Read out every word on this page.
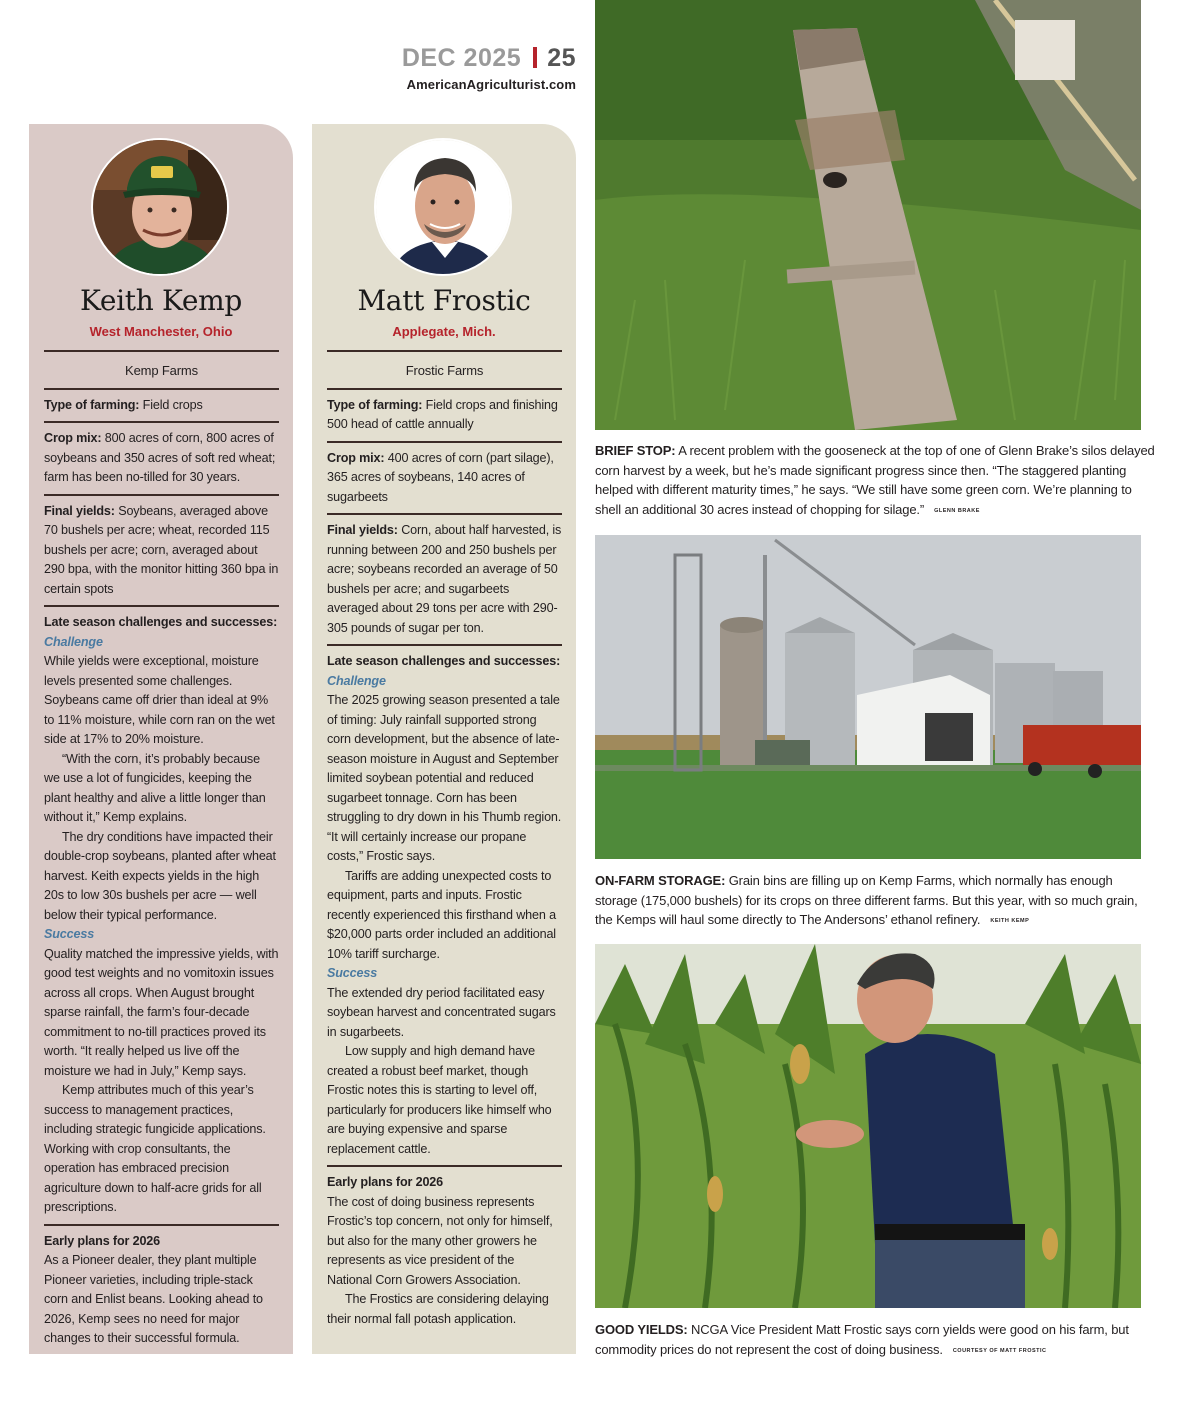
DEC 2025 25
AmericanAgriculturist.com
Keith Kemp
West Manchester, Ohio
Kemp Farms
Type of farming: Field crops
Crop mix: 800 acres of corn, 800 acres of soybeans and 350 acres of soft red wheat; farm has been no-tilled for 30 years.
Final yields: Soybeans, averaged above 70 bushels per acre; wheat, recorded 115 bushels per acre; corn, averaged about 290 bpa, with the monitor hitting 360 bpa in certain spots
Late season challenges and successes:
Challenge
While yields were exceptional, moisture levels presented some challenges. Soybeans came off drier than ideal at 9% to 11% moisture, while corn ran on the wet side at 17% to 20% moisture.
“With the corn, it’s probably because we use a lot of fungicides, keeping the plant healthy and alive a little longer than without it,” Kemp explains.
The dry conditions have impacted their double-crop soybeans, planted after wheat harvest. Keith expects yields in the high 20s to low 30s bushels per acre — well below their typical performance.
Success
Quality matched the impressive yields, with good test weights and no vomitoxin issues across all crops. When August brought sparse rainfall, the farm’s four-decade commitment to no-till practices proved its worth. “It really helped us live off the moisture we had in July,” Kemp says.
Kemp attributes much of this year’s success to management practices, including strategic fungicide applications. Working with crop consultants, the operation has embraced precision agriculture down to half-acre grids for all prescriptions.
Early plans for 2026
As a Pioneer dealer, they plant multiple Pioneer varieties, including triple-stack corn and Enlist beans. Looking ahead to 2026, Kemp sees no need for major changes to their successful formula.
Matt Frostic
Applegate, Mich.
Frostic Farms
Type of farming: Field crops and finishing 500 head of cattle annually
Crop mix: 400 acres of corn (part silage), 365 acres of soybeans, 140 acres of sugarbeets
Final yields: Corn, about half harvested, is running between 200 and 250 bushels per acre; soybeans recorded an average of 50 bushels per acre; and sugarbeets averaged about 29 tons per acre with 290-305 pounds of sugar per ton.
Late season challenges and successes:
Challenge
The 2025 growing season presented a tale of timing: July rainfall supported strong corn development, but the absence of late-season moisture in August and September limited soybean potential and reduced sugarbeet tonnage. Corn has been struggling to dry down in his Thumb region. “It will certainly increase our propane costs,” Frostic says.
Tariffs are adding unexpected costs to equipment, parts and inputs. Frostic recently experienced this firsthand when a $20,000 parts order included an additional 10% tariff surcharge.
Success
The extended dry period facilitated easy soybean harvest and concentrated sugars in sugarbeets.
Low supply and high demand have created a robust beef market, though Frostic notes this is starting to level off, particularly for producers like himself who are buying expensive and sparse replacement cattle.
Early plans for 2026
The cost of doing business represents Frostic’s top concern, not only for himself, but also for the many other growers he represents as vice president of the National Corn Growers Association.
The Frostics are considering delaying their normal fall potash application.
BRIEF STOP: A recent problem with the gooseneck at the top of one of Glenn Brake’s silos delayed corn harvest by a week, but he’s made significant progress since then. “The staggered planting helped with different maturity times,” he says. “We still have some green corn. We’re planning to shell an additional 30 acres instead of chopping for silage.” GLENN BRAKE
ON-FARM STORAGE: Grain bins are filling up on Kemp Farms, which normally has enough storage (175,000 bushels) for its crops on three different farms. But this year, with so much grain, the Kemps will haul some directly to The Andersons’ ethanol refinery. KEITH KEMP
GOOD YIELDS: NCGA Vice President Matt Frostic says corn yields were good on his farm, but commodity prices do not represent the cost of doing business. COURTESY OF MATT FROSTIC
